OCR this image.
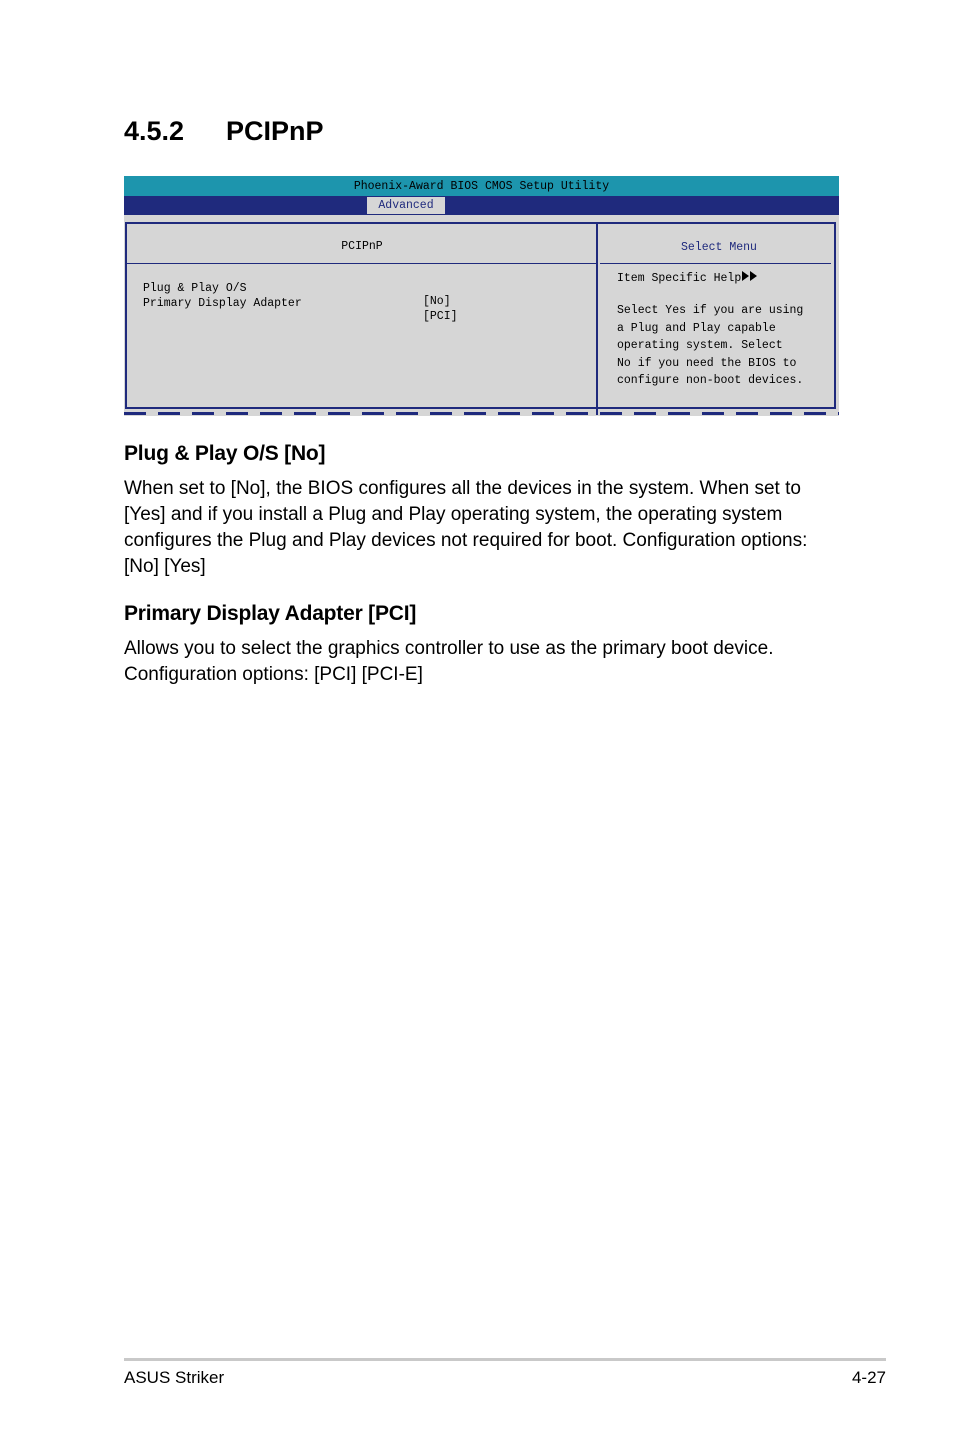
4.5.2 PCIPnP
Phoenix-Award BIOS CMOS Setup Utility
Advanced
PCIPnP	Select Menu

Plug & Play O/S

[No]

Primary Display Adapter

[PCI]

Item Specific Help
Select Yes if you are using
a Plug and Play capable
operating system. Select
No if you need the BIOS to
configure non-boot devices.
Plug & Play O/S [No]
When set to [No], the BIOS configures all the devices in the system. When set to
[Yes] and if you install a Plug and Play operating system, the operating system
configures the Plug and Play devices not required for boot. Configuration options:
[No] [Yes]
Primary Display Adapter [PCI]
Allows you to select the graphics controller to use as the primary boot device.
Configuration options: [PCI] [PCI-E]
ASUS Striker	4-27
